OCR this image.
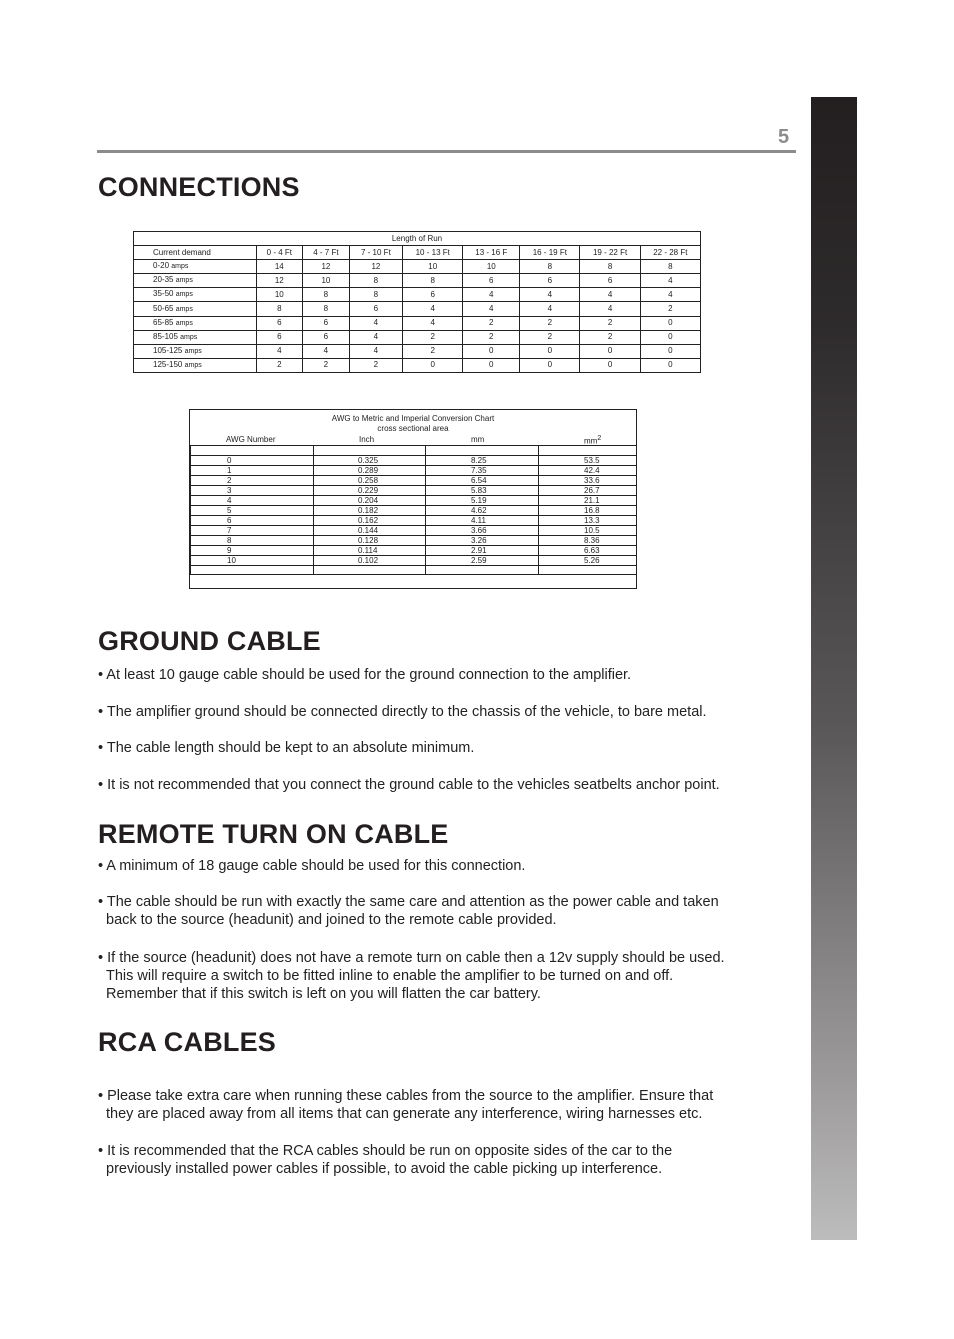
5
CONNECTIONS
Length of Run								
Current demand	0 - 4 Ft	4 - 7 Ft	7 - 10 Ft	10 - 13 Ft	13 - 16 F	16 - 19 Ft	19 - 22 Ft	22 - 28 Ft
0-20 amps	14	12	12	10	10	8	8	8
20-35 amps	12	10	8	8	6	6	6	4
35-50 amps	10	8	8	6	4	4	4	4
50-65 amps	8	8	6	4	4	4	4	2
65-85 amps	6	6	4	4	2	2	2	0
85-105 amps	6	6	4	2	2	2	2	0
105-125 amps	4	4	4	2	0	0	0	0
125-150 amps	2	2	2	0	0	0	0	0
AWG to Metric and Imperial Conversion Chart
cross sectional area
AWG Number	Inch	mm	$mm^2$

0	0.325	8.25	53.5
1	0.289	7.35	42.4
2	0.258	6.54	33.6
3	0.229	5.83	26.7
4	0.204	5.19	21.1
5	0.182	4.62	16.8
6	0.162	4.11	13.3
7	0.144	3.66	10.5
8	0.128	3.26	8.36
9	0.114	2.91	6.63
10	0.102	2.59	5.26

GROUND CABLE

• At least 10 gauge cable should be used for the ground connection to the amplifier.

• The amplifier ground should be connected directly to the chassis of the vehicle, to bare metal.

• The cable length should be kept to an absolute minimum.

• It is not recommended that you connect the ground cable to the vehicles seatbelts anchor point.

REMOTE TURN ON CABLE

• A minimum of 18 gauge cable should be used for this connection.

• The cable should be run with exactly the same care and attention as the power cable and taken
back to the source (headunit) and joined to the remote cable provided.

• If the source (headunit) does not have a remote turn on cable then a 12v supply should be used.
This will require a switch to be fitted inline to enable the amplifier to be turned on and off.
Remember that if this switch is left on you will flatten the car battery.

RCA CABLES

• Please take extra care when running these cables from the source to the amplifier. Ensure that
they are placed away from all items that can generate any interference, wiring harnesses etc.

• It is recommended that the RCA cables should be run on opposite sides of the car to the
previously installed power cables if possible, to avoid the cable picking up interference.
